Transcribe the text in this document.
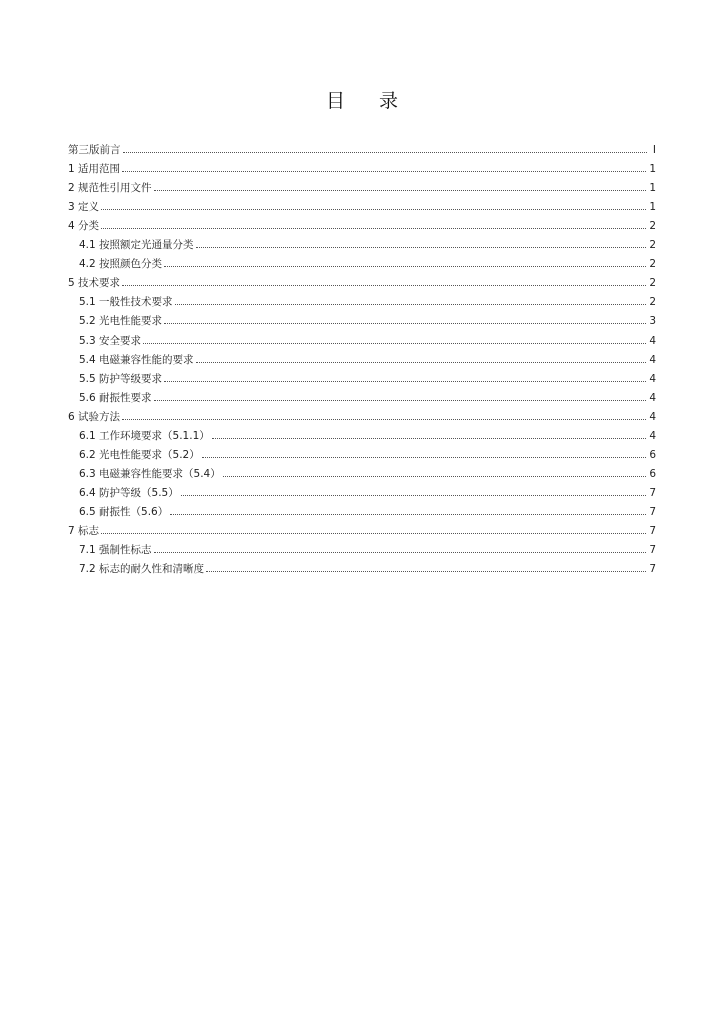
目 录
第三版前言	I
1 适用范围	1
2 规范性引用文件	1
3 定义	1
4 分类	2
4.1 按照额定光通量分类	2
4.2 按照颜色分类	2
5 技术要求	2
5.1 一般性技术要求	2
5.2 光电性能要求	3
5.3 安全要求	4
5.4 电磁兼容性能的要求	4
5.5 防护等级要求	4
5.6 耐振性要求	4
6 试验方法	4
6.1 工作环境要求（5.1.1）	4
6.2 光电性能要求（5.2）	6
6.3 电磁兼容性能要求（5.4）	6
6.4 防护等级（5.5）	7
6.5 耐振性（5.6）	7
7 标志	7
7.1 强制性标志	7
7.2 标志的耐久性和清晰度	7
